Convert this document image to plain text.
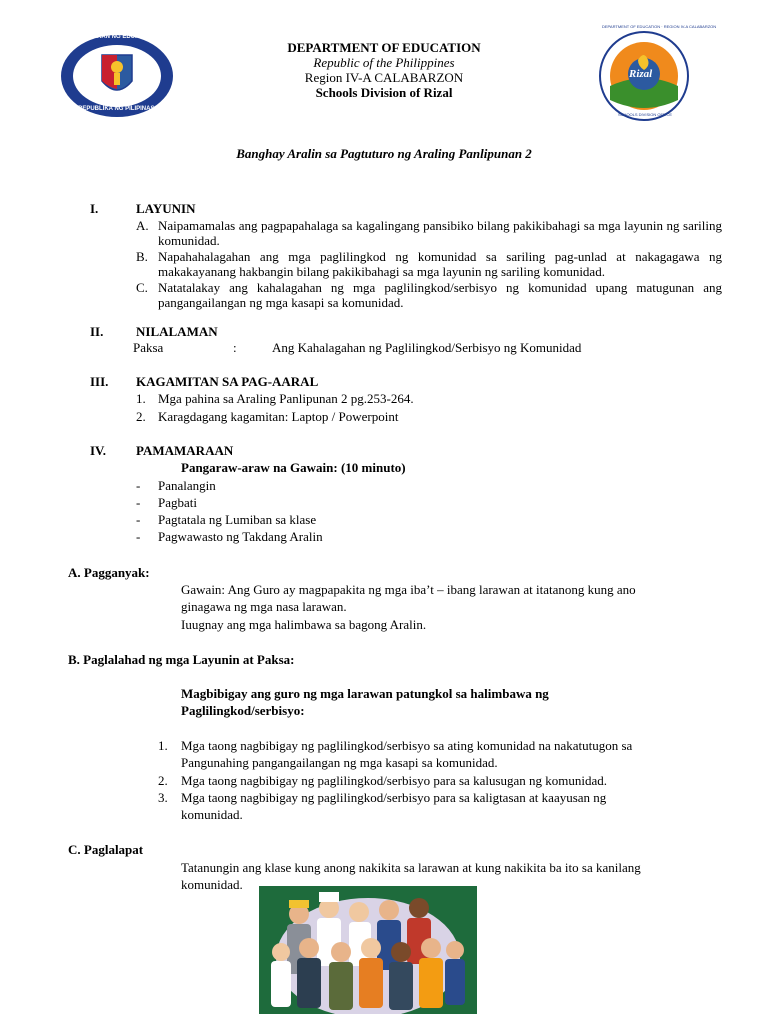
KAGAWARAN NG EDUKASYON
REPUBLIKA NG PILIPINAS
DEPARTMENT OF EDUCATION
Republic of the Philippines
Region IV-A CALABARZON
Schools Division of Rizal
Rizal
DEPARTMENT OF EDUCATION · REGION IV-A CALABARZON
SCHOOLS DIVISION OFFICE
Banghay Aralin sa Pagtuturo ng Araling Panlipunan 2
I.	LAYUNIN
A. Naipamamalas ang pagpapahalaga sa kagalingang pansibiko bilang pakikibahagi sa mga layunin ng sariling komunidad.
B. Napahahalagahan ang mga paglilingkod ng komunidad sa sariling pag-unlad at nakagagawa ng makakayanang hakbangin bilang pakikibahagi sa mga layunin ng sariling komunidad.
C. Natatalakay ang kahalagahan ng mga paglilingkod/serbisyo ng komunidad upang matugunan ang pangangailangan ng mga kasapi sa komunidad.
II.	NILALAMAN
Paksa	:	Ang Kahalagahan ng Paglilingkod/Serbisyo ng Komunidad
III. KAGAMITAN SA PAG-AARAL
1. Mga pahina sa Araling Panlipunan 2 pg.253-264.
2. Karagdagang kagamitan: Laptop / Powerpoint
IV. PAMAMARAAN
Pangaraw-araw na Gawain: (10 minuto)
- Panalangin
- Pagbati
- Pagtatala ng Lumiban sa klase
- Pagwawasto ng Takdang Aralin
A. Pagganyak:
Gawain: Ang Guro ay magpapakita ng mga iba’t – ibang larawan at itatanong kung ano
ginagawa ng mga nasa larawan.
Iuugnay ang mga halimbawa sa bagong Aralin.
B. Paglalahad ng mga Layunin at Paksa:
Magbibigay ang guro ng mga larawan patungkol sa halimbawa ng
Paglilingkod/serbisyo:
1. Mga taong nagbibigay ng paglilingkod/serbisyo sa ating komunidad na nakatutugon sa
Pangunahing pangangailangan ng mga kasapi sa komunidad.
2. Mga taong nagbibigay ng paglilingkod/serbisyo para sa kalusugan ng komunidad.
3. Mga taong nagbibigay ng paglilingkod/serbisyo para sa kaligtasan at kaayusan ng
komunidad.
C. Paglalapat
Tatanungin ang klase kung anong nakikita sa larawan at kung nakikita ba ito sa kanilang
komunidad.
